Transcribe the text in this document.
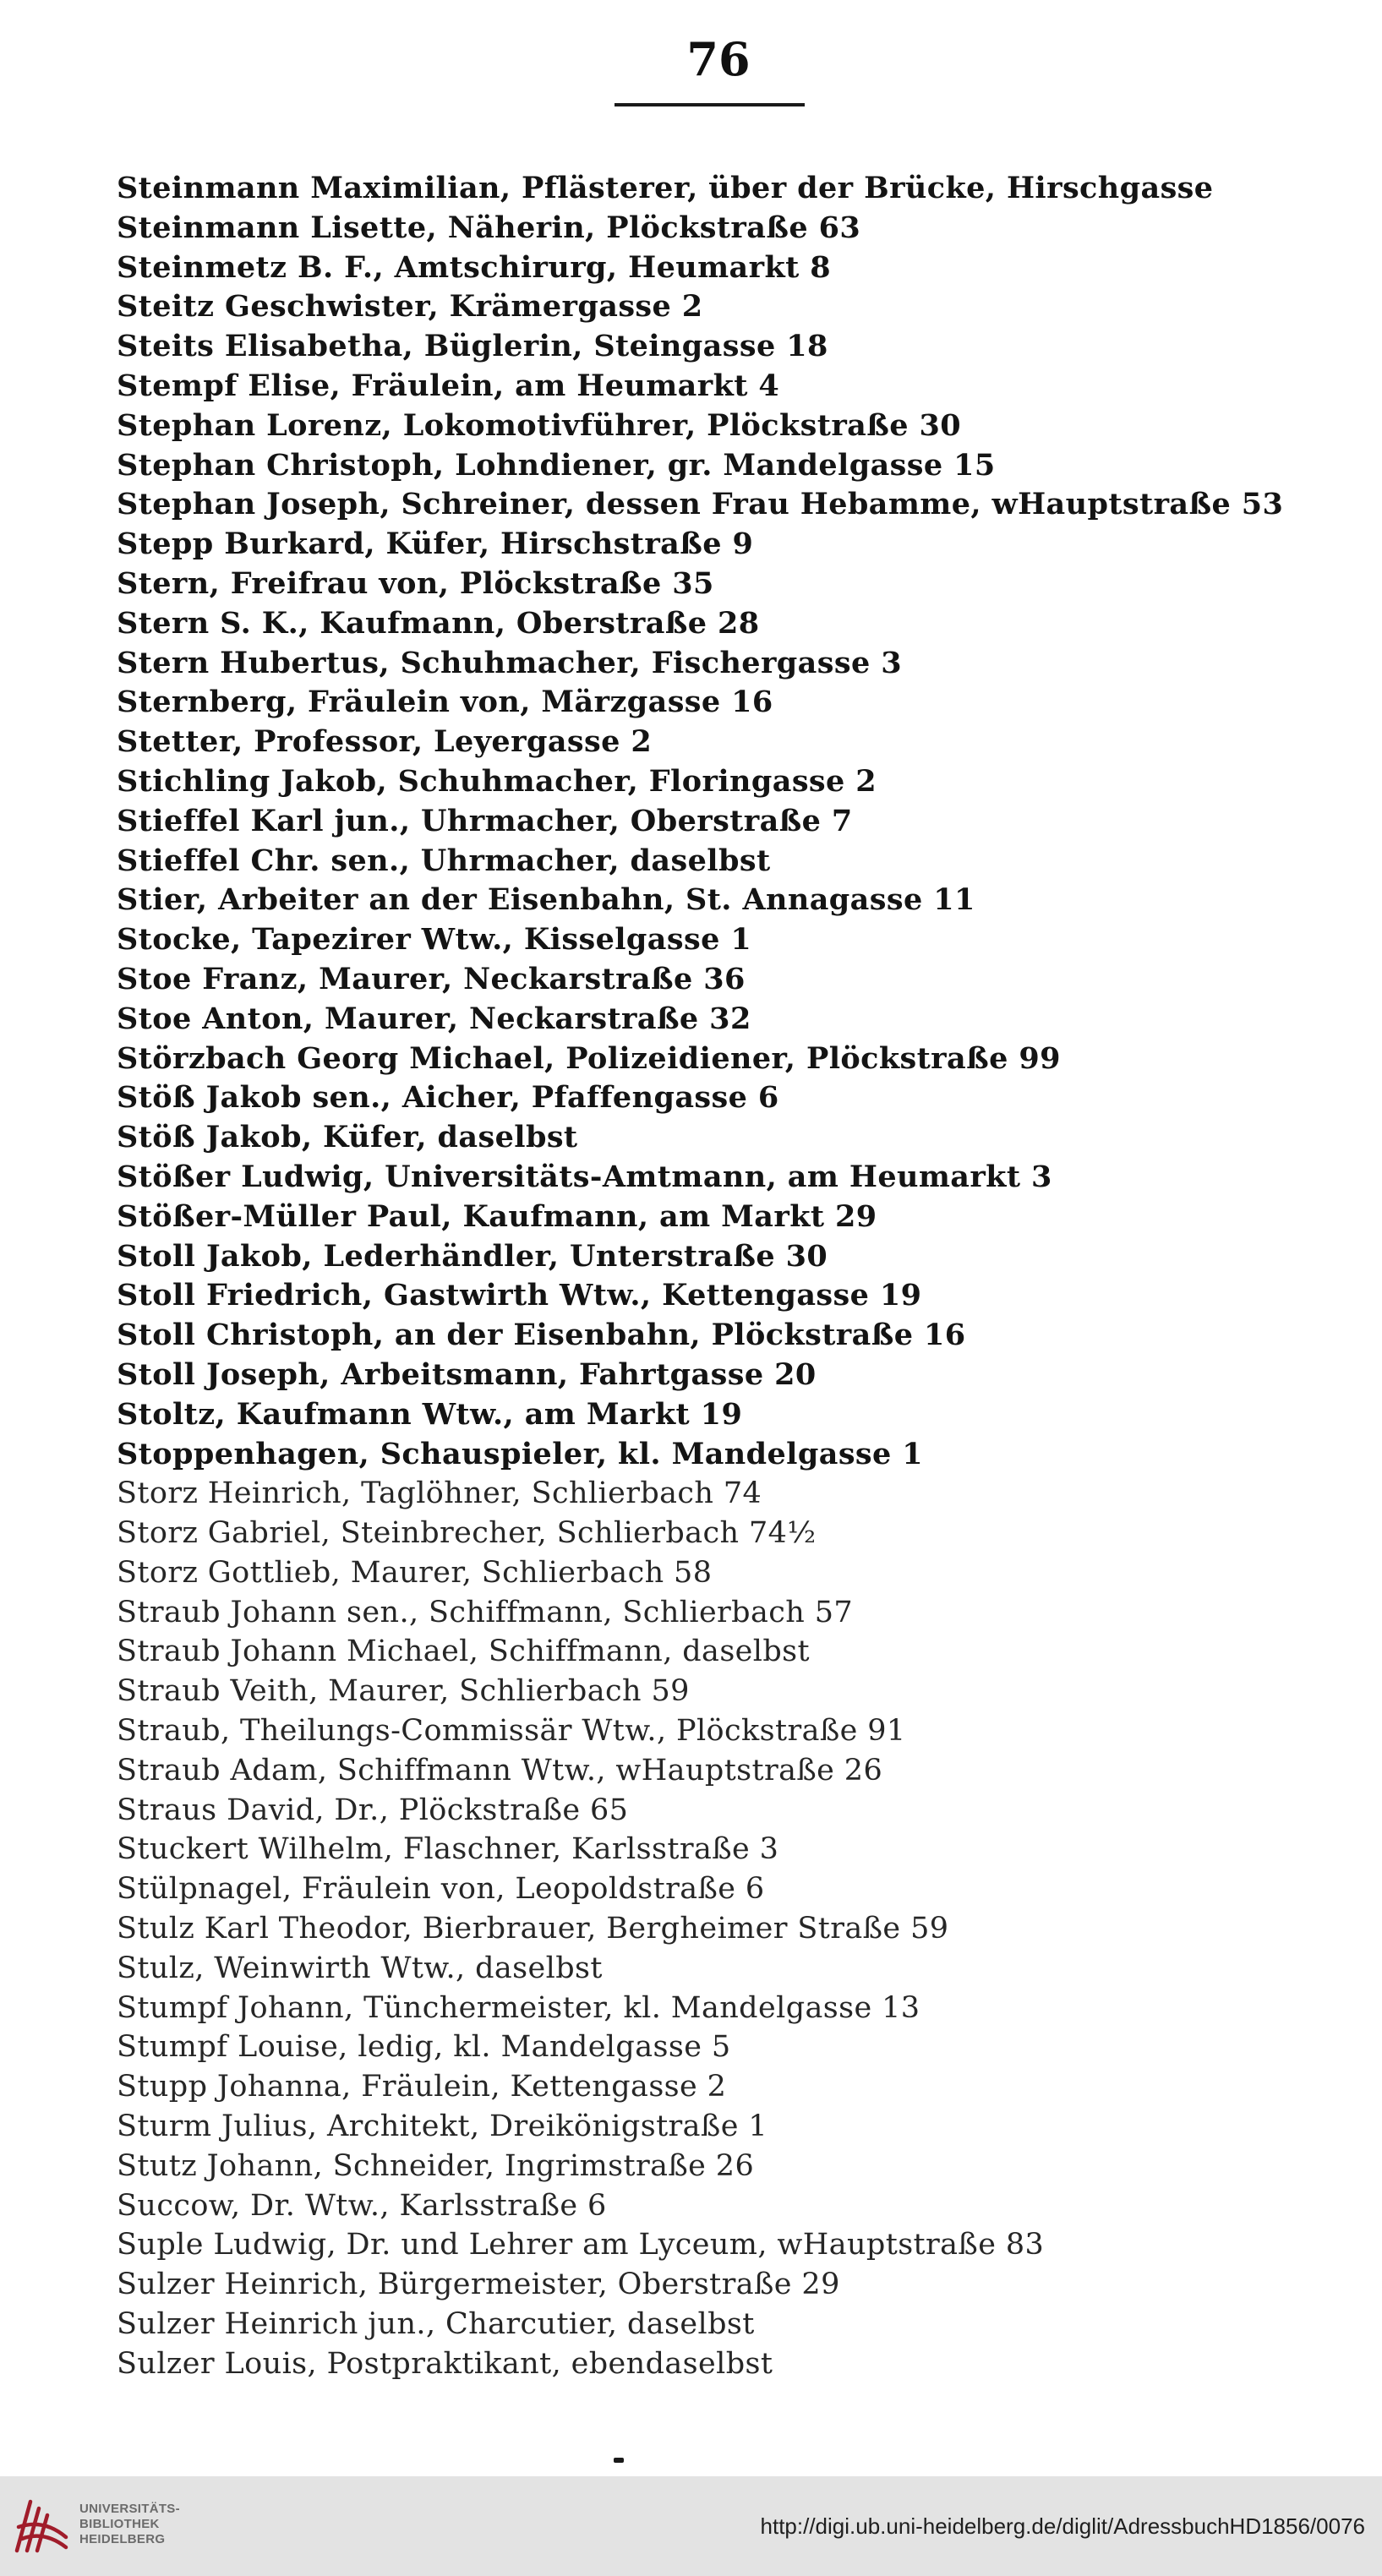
76
Steinmann Maximilian, Pflästerer, über der Brücke, Hirschgasse
Steinmann Lisette, Näherin, Plöckstraße 63
Steinmetz B. F., Amtschirurg, Heumarkt 8
Steitz Geschwister, Krämergasse 2
Steits Elisabetha, Büglerin, Steingasse 18
Stempf Elise, Fräulein, am Heumarkt 4
Stephan Lorenz, Lokomotivführer, Plöckstraße 30
Stephan Christoph, Lohndiener, gr. Mandelgasse 15
Stephan Joseph, Schreiner, dessen Frau Hebamme, wHauptstraße 53
Stepp Burkard, Küfer, Hirschstraße 9
Stern, Freifrau von, Plöckstraße 35
Stern S. K., Kaufmann, Oberstraße 28
Stern Hubertus, Schuhmacher, Fischergasse 3
Sternberg, Fräulein von, Märzgasse 16
Stetter, Professor, Leyergasse 2
Stichling Jakob, Schuhmacher, Floringasse 2
Stieffel Karl jun., Uhrmacher, Oberstraße 7
Stieffel Chr. sen., Uhrmacher, daselbst
Stier, Arbeiter an der Eisenbahn, St. Annagasse 11
Stocke, Tapezirer Wtw., Kisselgasse 1
Stoe Franz, Maurer, Neckarstraße 36
Stoe Anton, Maurer, Neckarstraße 32
Störzbach Georg Michael, Polizeidiener, Plöckstraße 99
Stöß Jakob sen., Aicher, Pfaffengasse 6
Stöß Jakob, Küfer, daselbst
Stößer Ludwig, Universitäts-Amtmann, am Heumarkt 3
Stößer-Müller Paul, Kaufmann, am Markt 29
Stoll Jakob, Lederhändler, Unterstraße 30
Stoll Friedrich, Gastwirth Wtw., Kettengasse 19
Stoll Christoph, an der Eisenbahn, Plöckstraße 16
Stoll Joseph, Arbeitsmann, Fahrtgasse 20
Stoltz, Kaufmann Wtw., am Markt 19
Stoppenhagen, Schauspieler, kl. Mandelgasse 1
Storz Heinrich, Taglöhner, Schlierbach 74
Storz Gabriel, Steinbrecher, Schlierbach 74½
Storz Gottlieb, Maurer, Schlierbach 58
Straub Johann sen., Schiffmann, Schlierbach 57
Straub Johann Michael, Schiffmann, daselbst
Straub Veith, Maurer, Schlierbach 59
Straub, Theilungs-Commissär Wtw., Plöckstraße 91
Straub Adam, Schiffmann Wtw., wHauptstraße 26
Straus David, Dr., Plöckstraße 65
Stuckert Wilhelm, Flaschner, Karlsstraße 3
Stülpnagel, Fräulein von, Leopoldstraße 6
Stulz Karl Theodor, Bierbrauer, Bergheimer Straße 59
Stulz, Weinwirth Wtw., daselbst
Stumpf Johann, Tünchermeister, kl. Mandelgasse 13
Stumpf Louise, ledig, kl. Mandelgasse 5
Stupp Johanna, Fräulein, Kettengasse 2
Sturm Julius, Architekt, Dreikönigstraße 1
Stutz Johann, Schneider, Ingrimstraße 26
Succow, Dr. Wtw., Karlsstraße 6
Suple Ludwig, Dr. und Lehrer am Lyceum, wHauptstraße 83
Sulzer Heinrich, Bürgermeister, Oberstraße 29
Sulzer Heinrich jun., Charcutier, daselbst
Sulzer Louis, Postpraktikant, ebendaselbst
UNIVERSITÄTS-
BIBLIOTHEK
HEIDELBERG
http://digi.ub.uni-heidelberg.de/diglit/AdressbuchHD1856/0076
